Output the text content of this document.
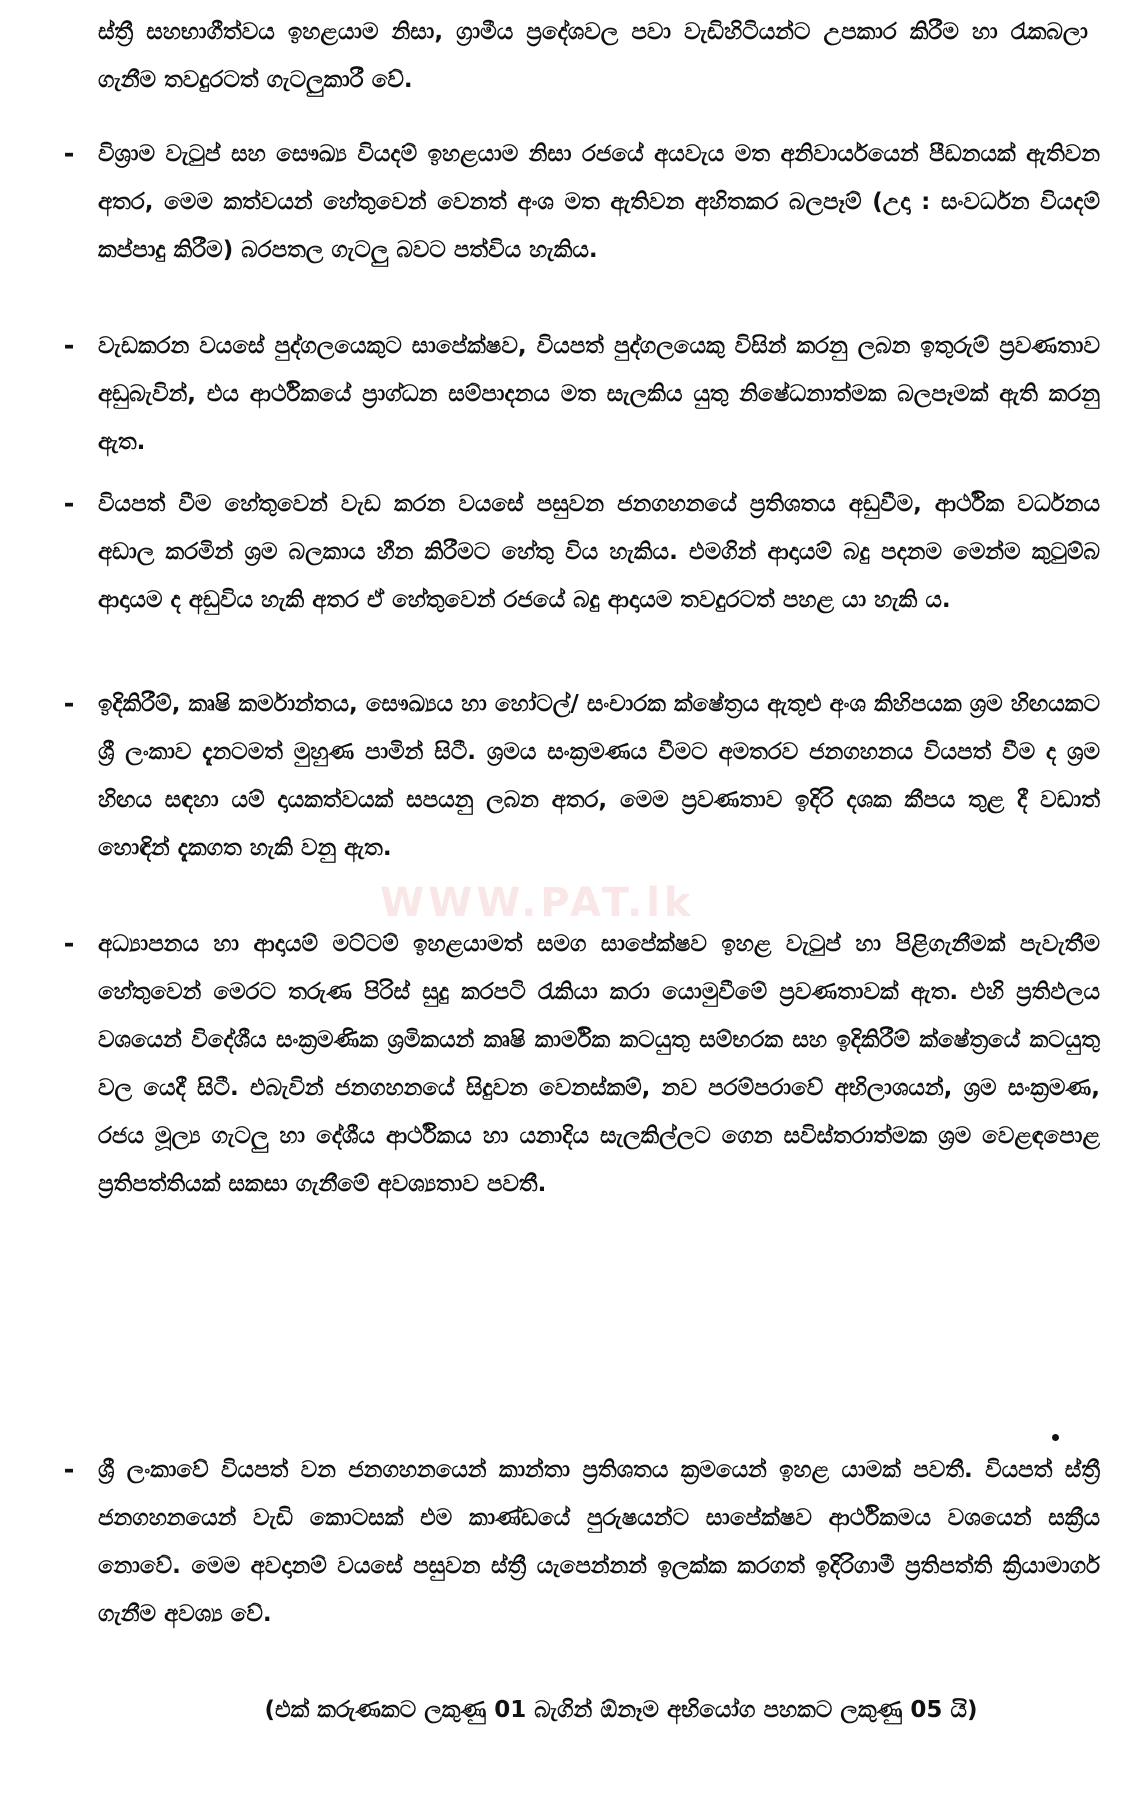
WWW.PAT.lk
ස්ත්‍රී සහභාගීත්වය ඉහළයාම නිසා, ග්‍රාමීය ප්‍රදේශවල පවා වැඩිහිටියන්ට උපකාර කිරීම හා රැකබලා ගැනීම තවදුරටත් ගැටලුකාරී වේ.
-	විශ්‍රාම වැටුප් සහ සෞඛ්‍ය වියදම් ඉහළයාම නිසා රජයේ අයවැය මත අනිවාර්යයෙන් පීඩනයක් ඇතිවන අතර, මෙම කත්වයන් හේතුවෙන් වෙනත් අංශ මත ඇතිවන අහිතකර බලපෑම් (උදා : සංවර්ධන වියදම් කප්පාදු කිරීම) බරපතල ගැටලු බවට පත්විය හැකිය.
-	වැඩකරන වයසේ පුද්ගලයෙකුට සාපේක්ෂව, වියපත් පුද්ගලයෙකු විසින් කරනු ලබන ඉතුරුම් ප්‍රවණතාව අඩුබැවින්, එය ආර්ථිකයේ ප්‍රාග්ධන සම්පාදනය මත සැලකිය යුතු නිෂේධනාත්මක බලපෑමක් ඇති කරනු ඇත.
-	වියපත් වීම හේතුවෙන් වැඩ කරන වයසේ පසුවන ජනගහනයේ ප්‍රතිශතය අඩුවීම, ආර්ථික වර්ධනය අඩාල කරමින් ශ්‍රම බලකාය හීන කිරීමට හේතු විය හැකිය. එමගින් ආදායම් බදු පදනම මෙන්ම කුටුම්බ ආදායම ද අඩුවිය හැකි අතර ඒ හේතුවෙන් රජයේ බදු ආදායම තවදුරටත් පහළ යා හැකි ය.
-	ඉදිකිරීම්, කෘෂි කර්මාන්තය, සෞඛ්‍යය හා හෝටල්/ සංචාරක ක්ෂේත්‍රය ඇතුළු අංශ කිහිපයක ශ්‍රම හිඟයකට ශ්‍රී ලංකාව දැනටමත් මුහුණ පාමින් සිටී. ශ්‍රමය සංක්‍රමණය වීමට අමතරව ජනගහනය වියපත් වීම ද ශ්‍රම හිඟය සඳහා යම් දායකත්වයක් සපයනු ලබන අතර, මෙම ප්‍රවණතාව ඉදිරි දශක කීපය තුළ දී වඩාත් හොඳින් දැකගත හැකි වනු ඇත.
-	අධ්‍යාපනය හා ආදායම් මට්ටම් ඉහළයාමත් සමග සාපේක්ෂව ඉහළ වැටුප් හා පිළිගැනීමක් පැවැතීම හේතුවෙන් මෙරට තරුණ පිරිස් සුදු කරපටි රැකියා කරා යොමුවීමේ ප්‍රවණතාවක් ඇත. එහි ප්‍රතිඵලය වශයෙන් විදේශීය සංක්‍රමණික ශ්‍රමිකයන් කෘෂි කාර්මික කටයුතු සම්භරක සහ ඉදිකිරීම් ක්ෂේත්‍රයේ කටයුතු වල යෙදී සිටී. එබැවින් ජනගහනයේ සිදුවන වෙනස්කම්, නව පරම්පරාවේ අභිලාශයන්, ශ්‍රම සංක්‍රමණ, රජය මූල්‍ය ගැටලු හා දේශීය ආර්ථිකය හා යනාදිය සැලකිල්ලට ගෙන සවිස්තරාත්මක ශ්‍රම වෙළඳපොළ ප්‍රතිපත්තියක් සකසා ගැනීමේ අවශ්‍යතාව පවතී.
-	ශ්‍රී ලංකාවේ වියපත් වන ජනගහනයෙන් කාන්තා ප්‍රතිශතය ක්‍රමයෙන් ඉහළ යාමක් පවතී. වියපත් ස්ත්‍රී ජනගහනයෙන් වැඩි කොටසක් එම කාණ්ඩයේ පුරුෂයන්ට සාපේක්ෂව ආර්ථිකමය වශයෙන් සක්‍රීය නොවේ. මෙම අවදානම් වයසේ පසුවන ස්ත්‍රී යැපෙන්නන් ඉලක්ක කරගත් ඉදිරිගාමී ප්‍රතිපත්ති ක්‍රියාමාර්ග ගැනීම අවශ්‍ය වේ.
(එක් කරුණකට ලකුණු 01 බැගින් ඕනෑම අභියෝග පහකට ලකුණු 05 යි)
